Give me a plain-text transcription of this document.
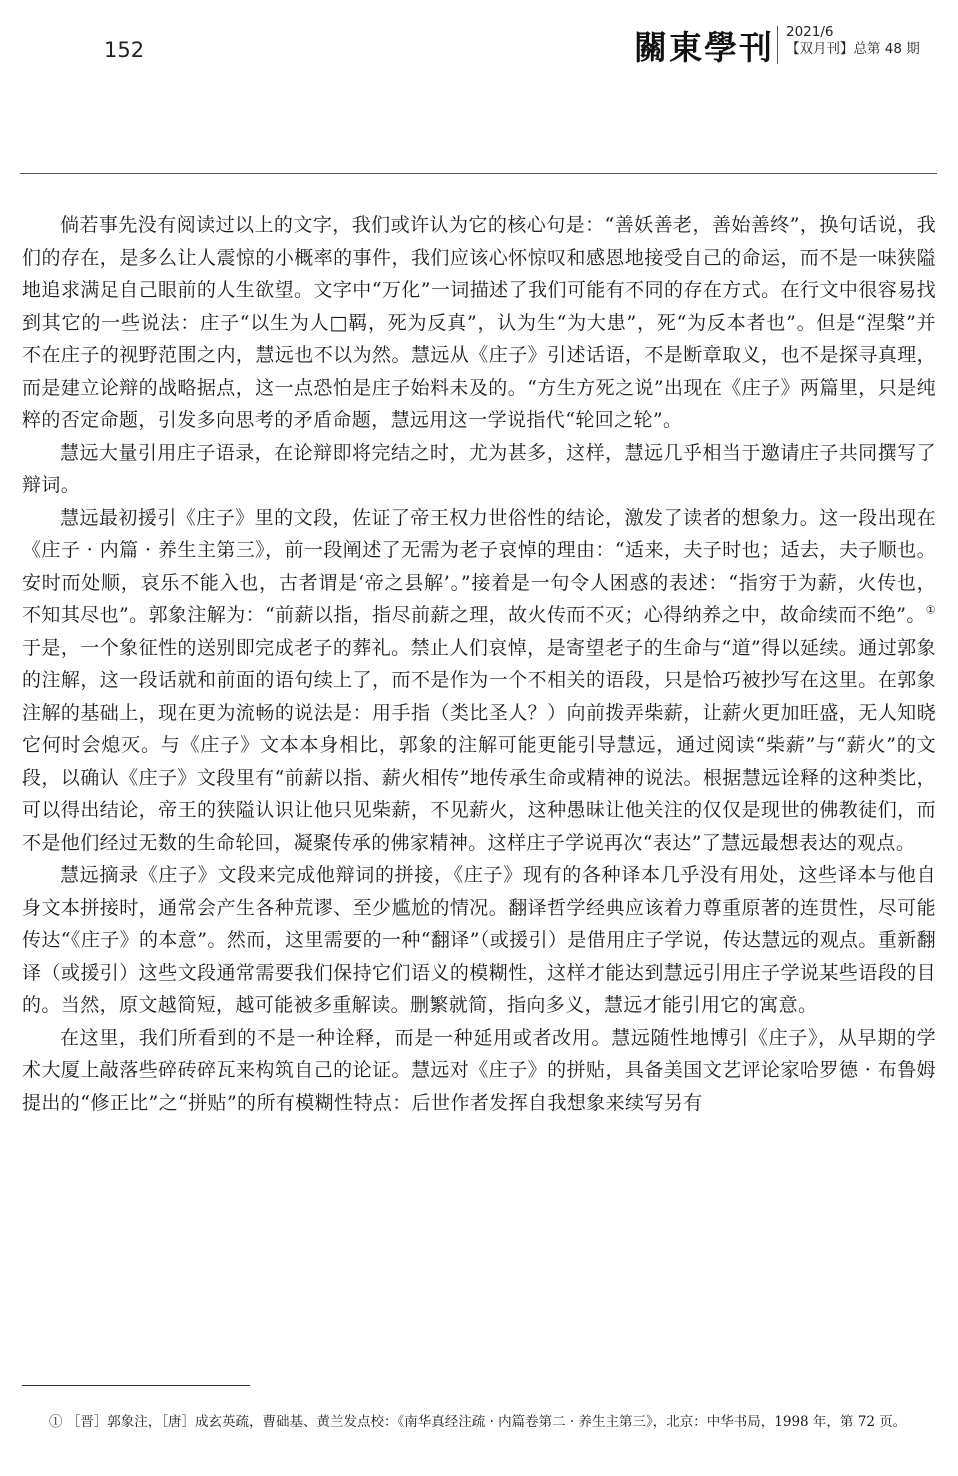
152	關東學刊 2021/6
【双月刊】总第 48 期

倘若事先没有阅读过以上的文字，我们或许认为它的核心句是：“善妖善老，善始善终”，换句话说，我们的存在，是多么让人震惊的小概率的事件，我们应该心怀惊叹和感恩地接受自己的命运，而不是一味狭隘地追求满足自己眼前的人生欲望。文字中“万化”一词描述了我们可能有不同的存在方式。在行文中很容易找到其它的一些说法：庄子“以生为人□羁，死为反真”，认为生“为大患”，死“为反本者也”。但是“涅槃”并不在庄子的视野范围之内，慧远也不以为然。慧远从《庄子》引述话语，不是断章取义，也不是探寻真理，而是建立论辩的战略据点，这一点恐怕是庄子始料未及的。“方生方死之说”出现在《庄子》两篇里，只是纯粹的否定命题，引发多向思考的矛盾命题，慧远用这一学说指代“轮回之轮”。

慧远大量引用庄子语录，在论辩即将完结之时，尤为甚多，这样，慧远几乎相当于邀请庄子共同撰写了辩词。

慧远最初援引《庄子》里的文段，佐证了帝王权力世俗性的结论，激发了读者的想象力。这一段出现在《庄子 · 内篇 · 养生主第三》，前一段阐述了无需为老子哀悼的理由：“适来，夫子时也；适去，夫子顺也。安时而处顺，哀乐不能入也，古者谓是‘帝之县解’。”接着是一句令人困惑的表述：“指穷于为薪，火传也，不知其尽也”。郭象注解为：“前薪以指，指尽前薪之理，故火传而不灭；心得纳养之中，故命续而不绝”。① 于是，一个象征性的送别即完成老子的葬礼。禁止人们哀悼，是寄望老子的生命与“道”得以延续。通过郭象的注解，这一段话就和前面的语句续上了，而不是作为一个不相关的语段，只是恰巧被抄写在这里。在郭象注解的基础上，现在更为流畅的说法是：用手指（类比圣人？）向前拨弄柴薪，让薪火更加旺盛，无人知晓它何时会熄灭。与《庄子》文本本身相比，郭象的注解可能更能引导慧远，通过阅读“柴薪”与“薪火”的文段，以确认《庄子》文段里有“前薪以指、薪火相传”地传承生命或精神的说法。根据慧远诠释的这种类比，可以得出结论，帝王的狭隘认识让他只见柴薪，不见薪火，这种愚昧让他关注的仅仅是现世的佛教徒们，而不是他们经过无数的生命轮回，凝聚传承的佛家精神。这样庄子学说再次“表达”了慧远最想表达的观点。

慧远摘录《庄子》文段来完成他辩词的拼接，《庄子》现有的各种译本几乎没有用处，这些译本与他自身文本拼接时，通常会产生各种荒谬、至少尴尬的情况。翻译哲学经典应该着力尊重原著的连贯性，尽可能传达“《庄子》的本意”。然而，这里需要的一种“翻译”（或援引）是借用庄子学说，传达慧远的观点。重新翻译（或援引）这些文段通常需要我们保持它们语义的模糊性，这样才能达到慧远引用庄子学说某些语段的目的。当然，原文越简短，越可能被多重解读。删繁就简，指向多义，慧远才能引用它的寓意。

在这里，我们所看到的不是一种诠释，而是一种延用或者改用。慧远随性地博引《庄子》，从早期的学术大厦上敲落些碎砖碎瓦来构筑自己的论证。慧远对《庄子》的拼贴，具备美国文艺评论家哈罗德 · 布鲁姆提出的“修正比”之“拼贴”的所有模糊性特点：后世作者发挥自我想象来续写另有

① ［晋］郭象注，［唐］成玄英疏，曹础基、黄兰发点校：《南华真经注疏 · 内篇卷第二 · 养生主第三》，北京：中华书局，1998 年，第 72 页。
